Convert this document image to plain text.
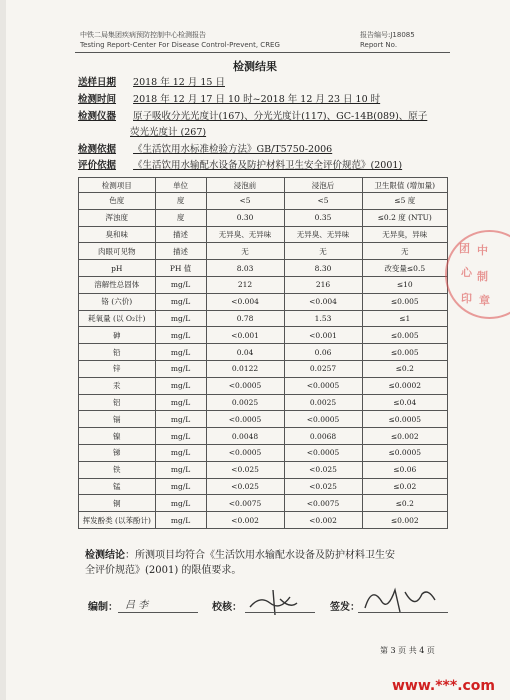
中铁二局集团疾病预防控制中心检测报告
Testing Report-Center For Disease Control-Prevent, CREG
报告编号:J18085
Report No.
检测结果
送样日期 2018 年 12 月 15 日
检测时间 2018 年 12 月 17 日 10 时~2018 年 12 月 23 日 10 时
检测仪器 原子吸收分光光度计(167)、分光光度计(117)、GC-14B(089)、原子
荧光光度计 (267)
检测依据 《生活饮用水标准检验方法》GB/T5750-2006
评价依据 《生活饮用水输配水设备及防护材料卫生安全评价规范》(2001)
检测项目	单位	浸泡前	浸泡后	卫生限值 (增加量)
色度	度	<5	<5	≤5 度
浑浊度	度	0.30	0.35	≤0.2 度 (NTU)
臭和味	描述	无异臭、无异味	无异臭、无异味	无异臭，异味
肉眼可见物	描述	无	无	无
pH	PH 值	8.03	8.30	改变量≤0.5
溶解性总固体	mg/L	212	216	≤10
铬 (六价)	mg/L	<0.004	<0.004	≤0.005
耗氧量 (以 O₂计)	mg/L	0.78	1.53	≤1
砷	mg/L	<0.001	<0.001	≤0.005
铅	mg/L	0.04	0.06	≤0.005
锌	mg/L	0.0122	0.0257	≤0.2
汞	mg/L	<0.0005	<0.0005	≤0.0002
铝	mg/L	0.0025	0.0025	≤0.04
镉	mg/L	<0.0005	<0.0005	≤0.0005
镍	mg/L	0.0048	0.0068	≤0.002
锑	mg/L	<0.0005	<0.0005	≤0.0005
铁	mg/L	<0.025	<0.025	≤0.06
锰	mg/L	<0.025	<0.025	≤0.02
铜	mg/L	<0.0075	<0.0075	≤0.2
挥发酚类 (以苯酚计)	mg/L	<0.002	<0.002	≤0.002
团
心
中
制
印 章
检测结论：所测项目均符合《生活饮用水输配水设备及防护材料卫生安
全评价规范》(2001) 的限值要求。
编制： 吕 李	校核：	签发：
第 3 页 共 4 页
www.***.com
